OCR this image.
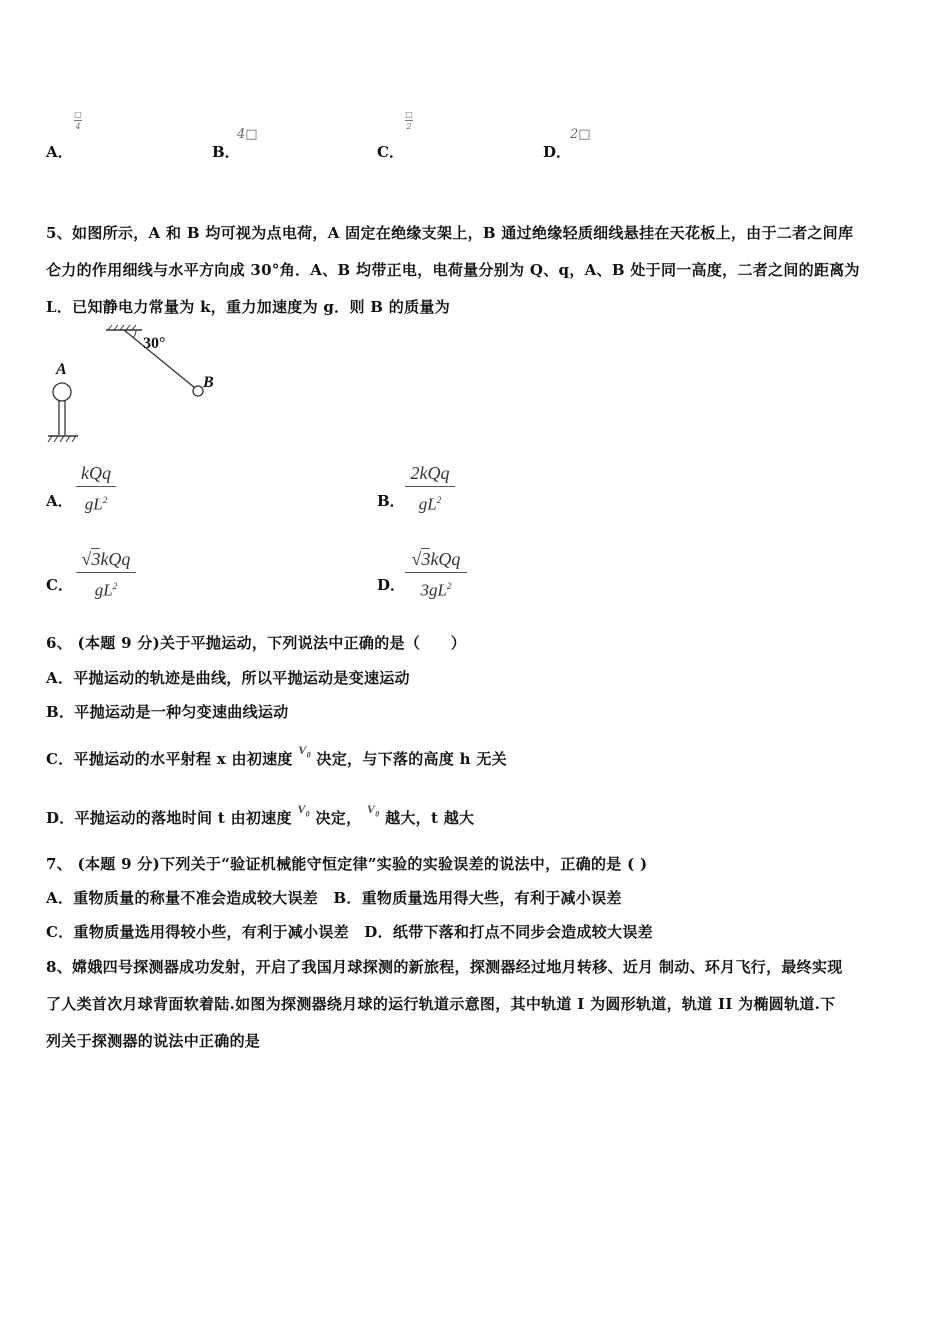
A．
□
4
B．
4□
C．
□
2
D．
2□
5、如图所示，A 和 B 均可视为点电荷，A 固定在绝缘支架上，B 通过绝缘轻质细线悬挂在天花板上，由于二者之间库
仑力的作用细线与水平方向成 30°角．A、B 均带正电，电荷量分别为 Q、q，A、B 处于同一高度，二者之间的距离为
L．已知静电力常量为 k，重力加速度为 g．则 B 的质量为
30°
B
A
A．
kQq
$gL^2$	B．
2kQq
$gL^2$
C．
√3kQq
$gL^2$	D．
√3kQq
$3gL^2$
6、 (本题 9 分)关于平抛运动，下列说法中正确的是（　　）
A．平抛运动的轨迹是曲线，所以平抛运动是变速运动
B．平抛运动是一种匀变速曲线运动
C．平抛运动的水平射程 x 由初速度 $^{V_0}$ 决定，与下落的高度 h 无关
D．平抛运动的落地时间 t 由初速度 $^{V_0}$ 决定， $^{V_0}$ 越大，t 越大
7、 (本题 9 分)下列关于“验证机械能守恒定律”实验的实验误差的说法中，正确的是 ( )
A．重物质量的称量不准会造成较大误差　B．重物质量选用得大些，有利于减小误差
C．重物质量选用得较小些，有利于减小误差　D．纸带下落和打点不同步会造成较大误差
8、嫦娥四号探测器成功发射，开启了我国月球探测的新旅程，探测器经过地月转移、近月 制动、环月飞行，最终实现
了人类首次月球背面软着陆.如图为探测器绕月球的运行轨道示意图，其中轨道 I 为圆形轨道，轨道 II 为椭圆轨道.下
列关于探测器的说法中正确的是
